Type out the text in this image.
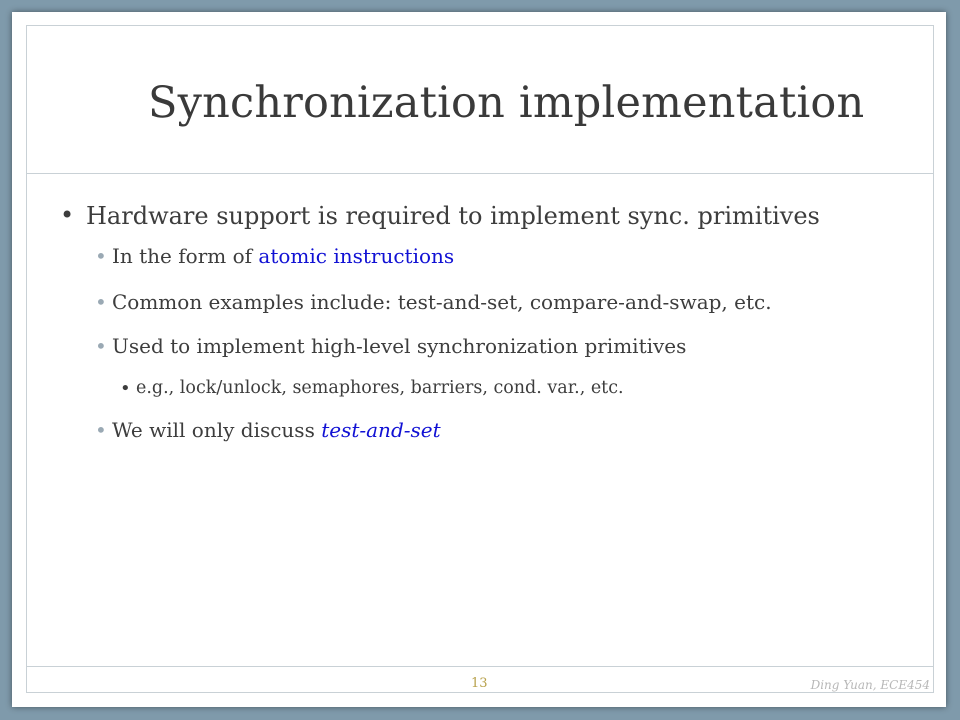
Synchronization implementation
• Hardware support is required to implement sync. primitives
• In the form of atomic instructions
• Common examples include: test-and-set, compare-and-swap, etc.
• Used to implement high-level synchronization primitives
• e.g., lock/unlock, semaphores, barriers, cond. var., etc.
• We will only discuss test-and-set
13	Ding Yuan, ECE454
